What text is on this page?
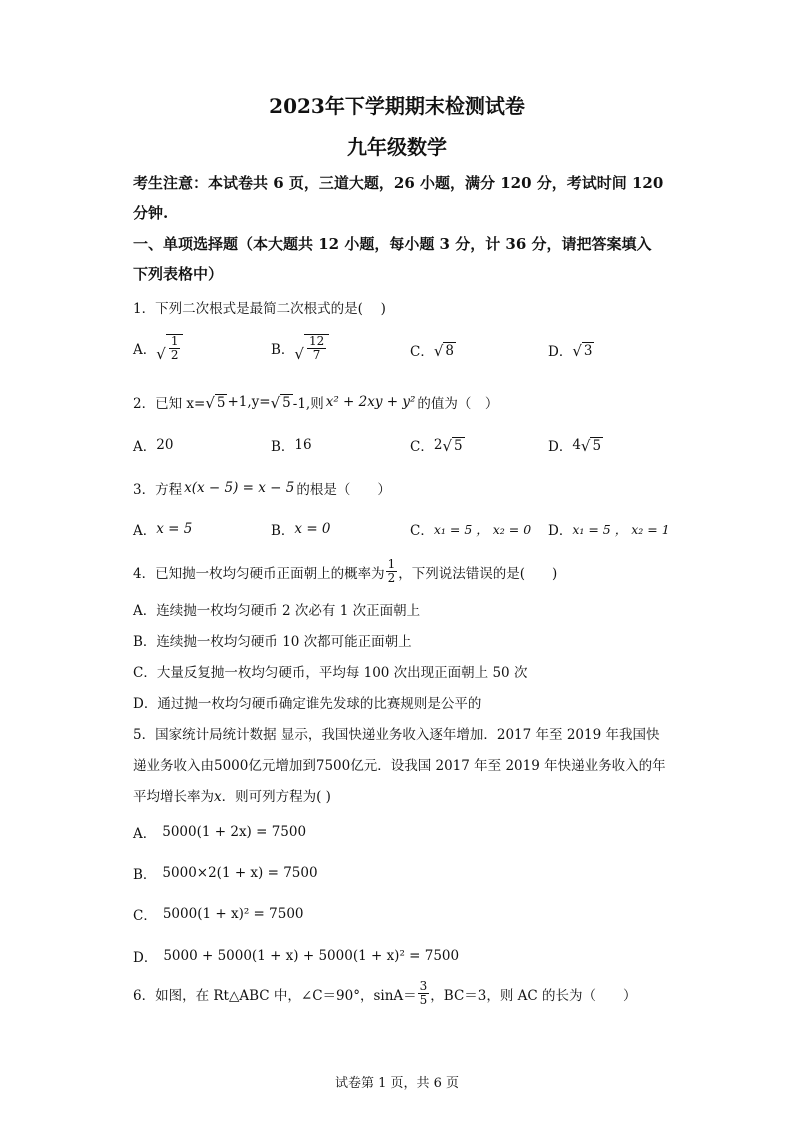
2023年下学期期末检测试卷
九年级数学
考生注意：本试卷共 6 页，三道大题，26 小题，满分 120 分，考试时间 120
分钟.
一、单项选择题（本大题共 12 小题，每小题 3 分，计 36 分，请把答案填入
下列表格中）
1．下列二次根式是最简二次根式的是(　 )
A． √ $\frac{1}{2}$	B． √ $\frac{12}{7}$	C． √ 8	D． √ 3
2．已知 x= √ 5 +1,y= √ 5 -1,则 x² + 2xy + y² 的值为（　）
A． 20	B． 16	C． 2 √ 5	D． 4 √ 5
3．方程 x(x − 5) = x − 5 的根是（　　）
A． x = 5	B． x = 0	C． x₁ = 5 ， x₂ = 0 D． x₁ = 5 ， x₂ = 1
4．已知抛一枚均匀硬币正面朝上的概率为 $\frac{1}{2}$ ，下列说法错误的是(　　)
A．连续抛一枚均匀硬币 2 次必有 1 次正面朝上
B．连续抛一枚均匀硬币 10 次都可能正面朝上
C．大量反复抛一枚均匀硬币，平均每 100 次出现正面朝上 50 次
D．通过抛一枚均匀硬币确定谁先发球的比赛规则是公平的
5．国家统计局统计数据 显示，我国快递业务收入逐年增加．2017 年至 2019 年我国快
递业务收入由5000亿元增加到7500亿元．设我国 2017 年至 2019 年快递业务收入的年
平均增长率为𝑥．则可列方程为( )
A． 5000(1 + 2x) = 7500
B． 5000×2(1 + x) = 7500
C． 5000(1 + x)² = 7500
D． 5000 + 5000(1 + x) + 5000(1 + x)² = 7500
6．如图，在 Rt△ABC 中，∠C＝90°，$\sin A= \frac{3}{5}$ ，BC＝3，则 AC 的长为（　　）
试卷第 1 页，共 6 页
